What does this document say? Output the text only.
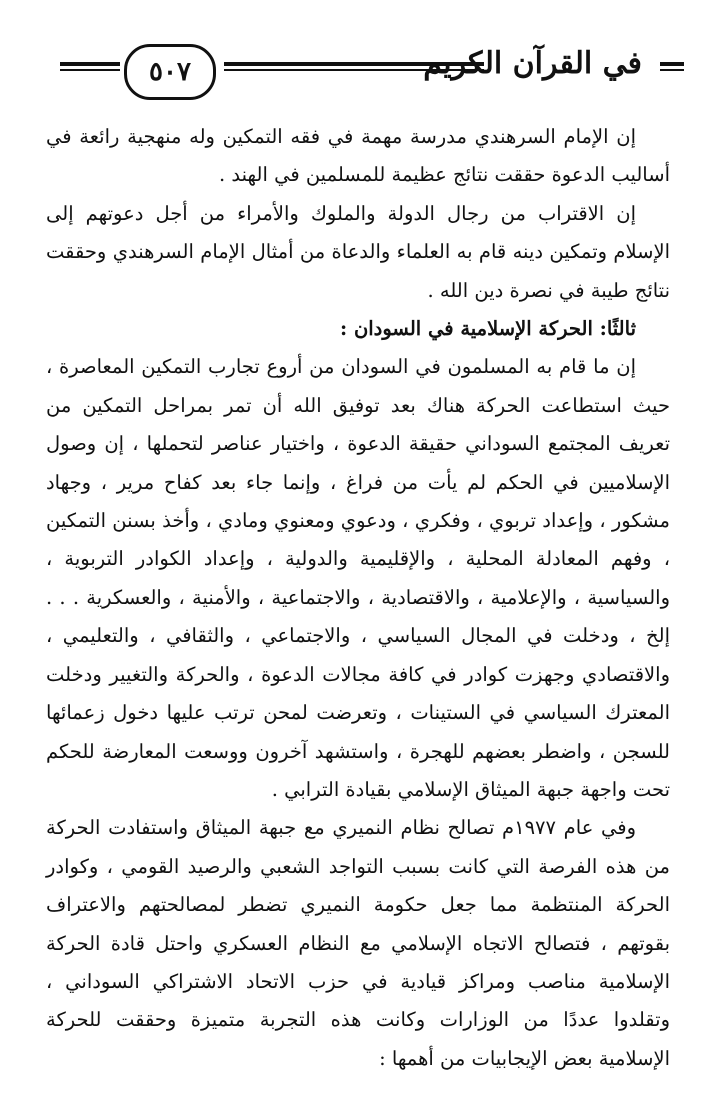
٥٠٧	في القرآن الكريم

إن الإمام السرهندي مدرسة مهمة في فقه التمكين وله منهجية رائعة في أساليب الدعوة حققت نتائج عظيمة للمسلمين في الهند .

إن الاقتراب من رجال الدولة والملوك والأمراء من أجل دعوتهم إلى الإسلام وتمكين دينه قام به العلماء والدعاة من أمثال الإمام السرهندي وحققت نتائج طيبة في نصرة دين الله .

ثالثًا: الحركة الإسلامية في السودان :

إن ما قام به المسلمون في السودان من أروع تجارب التمكين المعاصرة ، حيث استطاعت الحركة هناك بعد توفيق الله أن تمر بمراحل التمكين من تعريف المجتمع السوداني حقيقة الدعوة ، واختيار عناصر لتحملها ، إن وصول الإسلاميين في الحكم لم يأت من فراغ ، وإنما جاء بعد كفاح مرير ، وجهاد مشكور ، وإعداد تربوي ، وفكري ، ودعوي ومعنوي ومادي ، وأخذ بسنن التمكين ، وفهم المعادلة المحلية ، والإقليمية والدولية ، وإعداد الكوادر التربوية ، والسياسية ، والإعلامية ، والاقتصادية ، والاجتماعية ، والأمنية ، والعسكرية . . . إلخ ، ودخلت في المجال السياسي ، والاجتماعي ، والثقافي ، والتعليمي ، والاقتصادي وجهزت كوادر في كافة مجالات الدعوة ، والحركة والتغيير ودخلت المعترك السياسي في الستينات ، وتعرضت لمحن ترتب عليها دخول زعمائها للسجن ، واضطر بعضهم للهجرة ، واستشهد آخرون ووسعت المعارضة للحكم تحت واجهة جبهة الميثاق الإسلامي بقيادة الترابي .

وفي عام ١٩٧٧م تصالح نظام النميري مع جبهة الميثاق واستفادت الحركة من هذه الفرصة التي كانت بسبب التواجد الشعبي والرصيد القومي ، وكوادر الحركة المنتظمة مما جعل حكومة النميري تضطر لمصالحتهم والاعتراف بقوتهم ، فتصالح الاتجاه الإسلامي مع النظام العسكري واحتل قادة الحركة الإسلامية مناصب ومراكز قيادية في حزب الاتحاد الاشتراكي السوداني ، وتقلدوا عددًا من الوزارات وكانت هذه التجربة متميزة وحققت للحركة الإسلامية بعض الإيجابيات من أهمها :
